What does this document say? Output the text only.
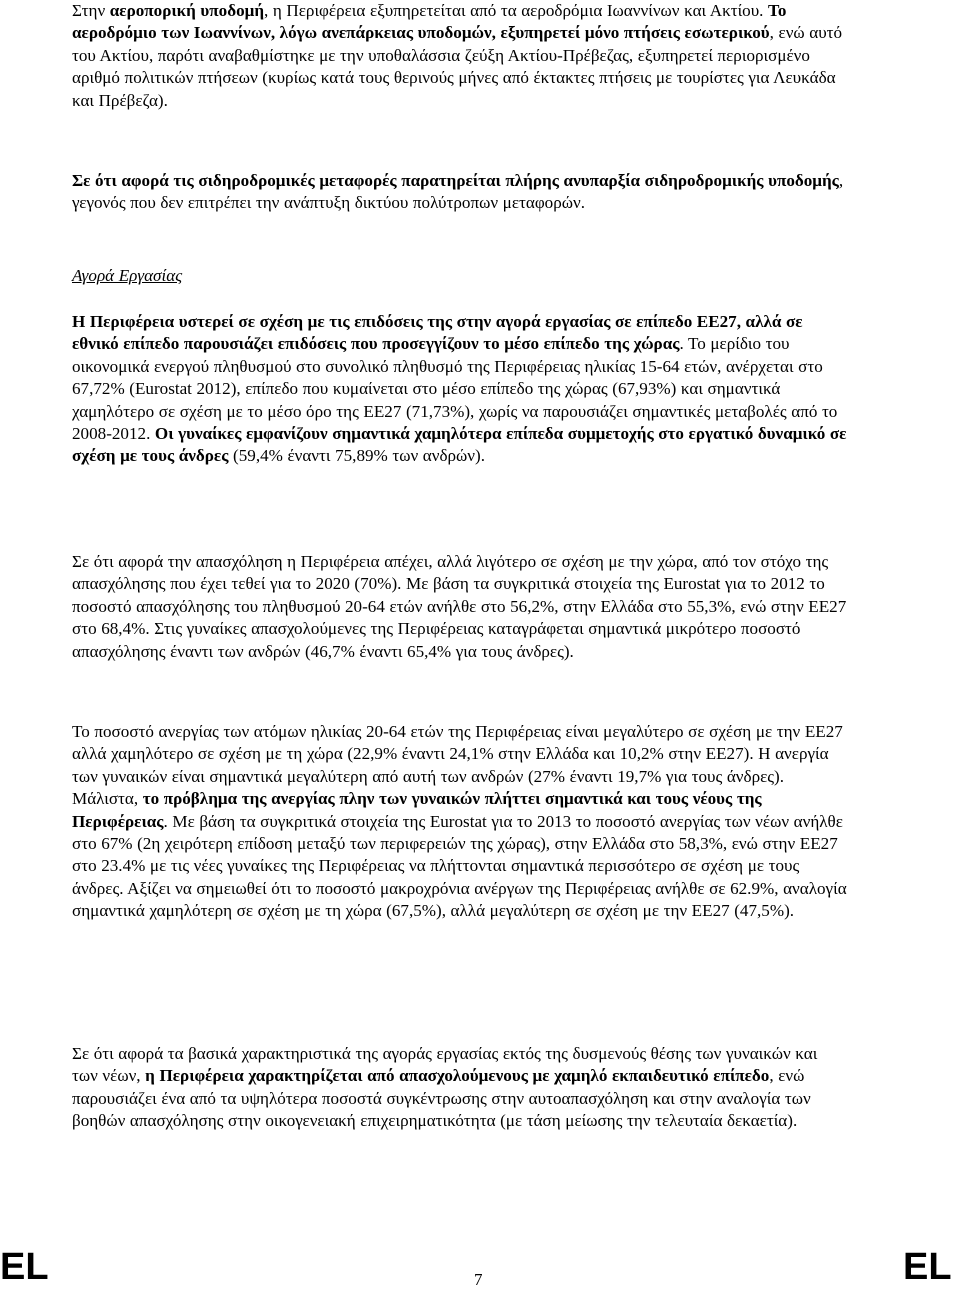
Στην αεροπορική υποδομή, η Περιφέρεια εξυπηρετείται από τα αεροδρόμια Ιωαννίνων και Ακτίου. Το αεροδρόμιο των Ιωαννίνων, λόγω ανεπάρκειας υποδομών, εξυπηρετεί μόνο πτήσεις εσωτερικού, ενώ αυτό του Ακτίου, παρότι αναβαθμίστηκε με την υποθαλάσσια ζεύξη Ακτίου-Πρέβεζας, εξυπηρετεί περιορισμένο αριθμό πολιτικών πτήσεων (κυρίως κατά τους θερινούς μήνες από έκτακτες πτήσεις με τουρίστες για Λευκάδα και Πρέβεζα).

Σε ότι αφορά τις σιδηροδρομικές μεταφορές παρατηρείται πλήρης ανυπαρξία σιδηροδρομικής υποδομής, γεγονός που δεν επιτρέπει την ανάπτυξη δικτύου πολύτροπων μεταφορών.

Αγορά Εργασίας

Η Περιφέρεια υστερεί σε σχέση με τις επιδόσεις της στην αγορά εργασίας σε επίπεδο ΕΕ27, αλλά σε εθνικό επίπεδο παρουσιάζει επιδόσεις που προσεγγίζουν το μέσο επίπεδο της χώρας. Το μερίδιο του οικονομικά ενεργού πληθυσμού στο συνολικό πληθυσμό της Περιφέρειας ηλικίας 15-64 ετών, ανέρχεται στο 67,72% (Eurostat 2012), επίπεδο που κυμαίνεται στο μέσο επίπεδο της χώρας (67,93%) και σημαντικά χαμηλότερο σε σχέση με το μέσο όρο της ΕΕ27 (71,73%), χωρίς να παρουσιάζει σημαντικές μεταβολές από το 2008-2012. Οι γυναίκες εμφανίζουν σημαντικά χαμηλότερα επίπεδα συμμετοχής στο εργατικό δυναμικό σε σχέση με τους άνδρες (59,4% έναντι 75,89% των ανδρών).

Σε ότι αφορά την απασχόληση η Περιφέρεια απέχει, αλλά λιγότερο σε σχέση με την χώρα, από τον στόχο της απασχόλησης που έχει τεθεί για το 2020 (70%). Με βάση τα συγκριτικά στοιχεία της Eurostat για το 2012 το ποσοστό απασχόλησης του πληθυσμού 20-64 ετών ανήλθε στο 56,2%, στην Ελλάδα στο 55,3%, ενώ στην ΕΕ27 στο 68,4%. Στις γυναίκες απασχολούμενες της Περιφέρειας καταγράφεται σημαντικά μικρότερο ποσοστό απασχόλησης έναντι των ανδρών (46,7% έναντι 65,4% για τους άνδρες).

Το ποσοστό ανεργίας των ατόμων ηλικίας 20-64 ετών της Περιφέρειας είναι μεγαλύτερο σε σχέση με την ΕΕ27 αλλά χαμηλότερο σε σχέση με τη χώρα (22,9% έναντι 24,1% στην Ελλάδα και 10,2% στην ΕΕ27). Η ανεργία των γυναικών είναι σημαντικά μεγαλύτερη από αυτή των ανδρών (27% έναντι 19,7% για τους άνδρες). Μάλιστα, το πρόβλημα της ανεργίας πλην των γυναικών πλήττει σημαντικά και τους νέους της Περιφέρειας. Με βάση τα συγκριτικά στοιχεία της Eurostat για το 2013 το ποσοστό ανεργίας των νέων ανήλθε στο 67% (2η χειρότερη επίδοση μεταξύ των περιφερειών της χώρας), στην Ελλάδα στο 58,3%, ενώ στην ΕΕ27 στο 23.4% με τις νέες γυναίκες της Περιφέρειας να πλήττονται σημαντικά περισσότερο σε σχέση με τους άνδρες. Αξίζει να σημειωθεί ότι το ποσοστό μακροχρόνια ανέργων της Περιφέρειας ανήλθε σε 62.9%, αναλογία σημαντικά χαμηλότερη σε σχέση με τη χώρα (67,5%), αλλά μεγαλύτερη σε σχέση με την ΕΕ27 (47,5%).

Σε ότι αφορά τα βασικά χαρακτηριστικά της αγοράς εργασίας εκτός της δυσμενούς θέσης των γυναικών και των νέων, η Περιφέρεια χαρακτηρίζεται από απασχολούμενους με χαμηλό εκπαιδευτικό επίπεδο, ενώ παρουσιάζει ένα από τα υψηλότερα ποσοστά συγκέντρωσης στην αυτοαπασχόληση και στην αναλογία των βοηθών απασχόλησης στην οικογενειακή επιχειρηματικότητα (με τάση μείωσης την τελευταία δεκαετία).

EL	7	EL
